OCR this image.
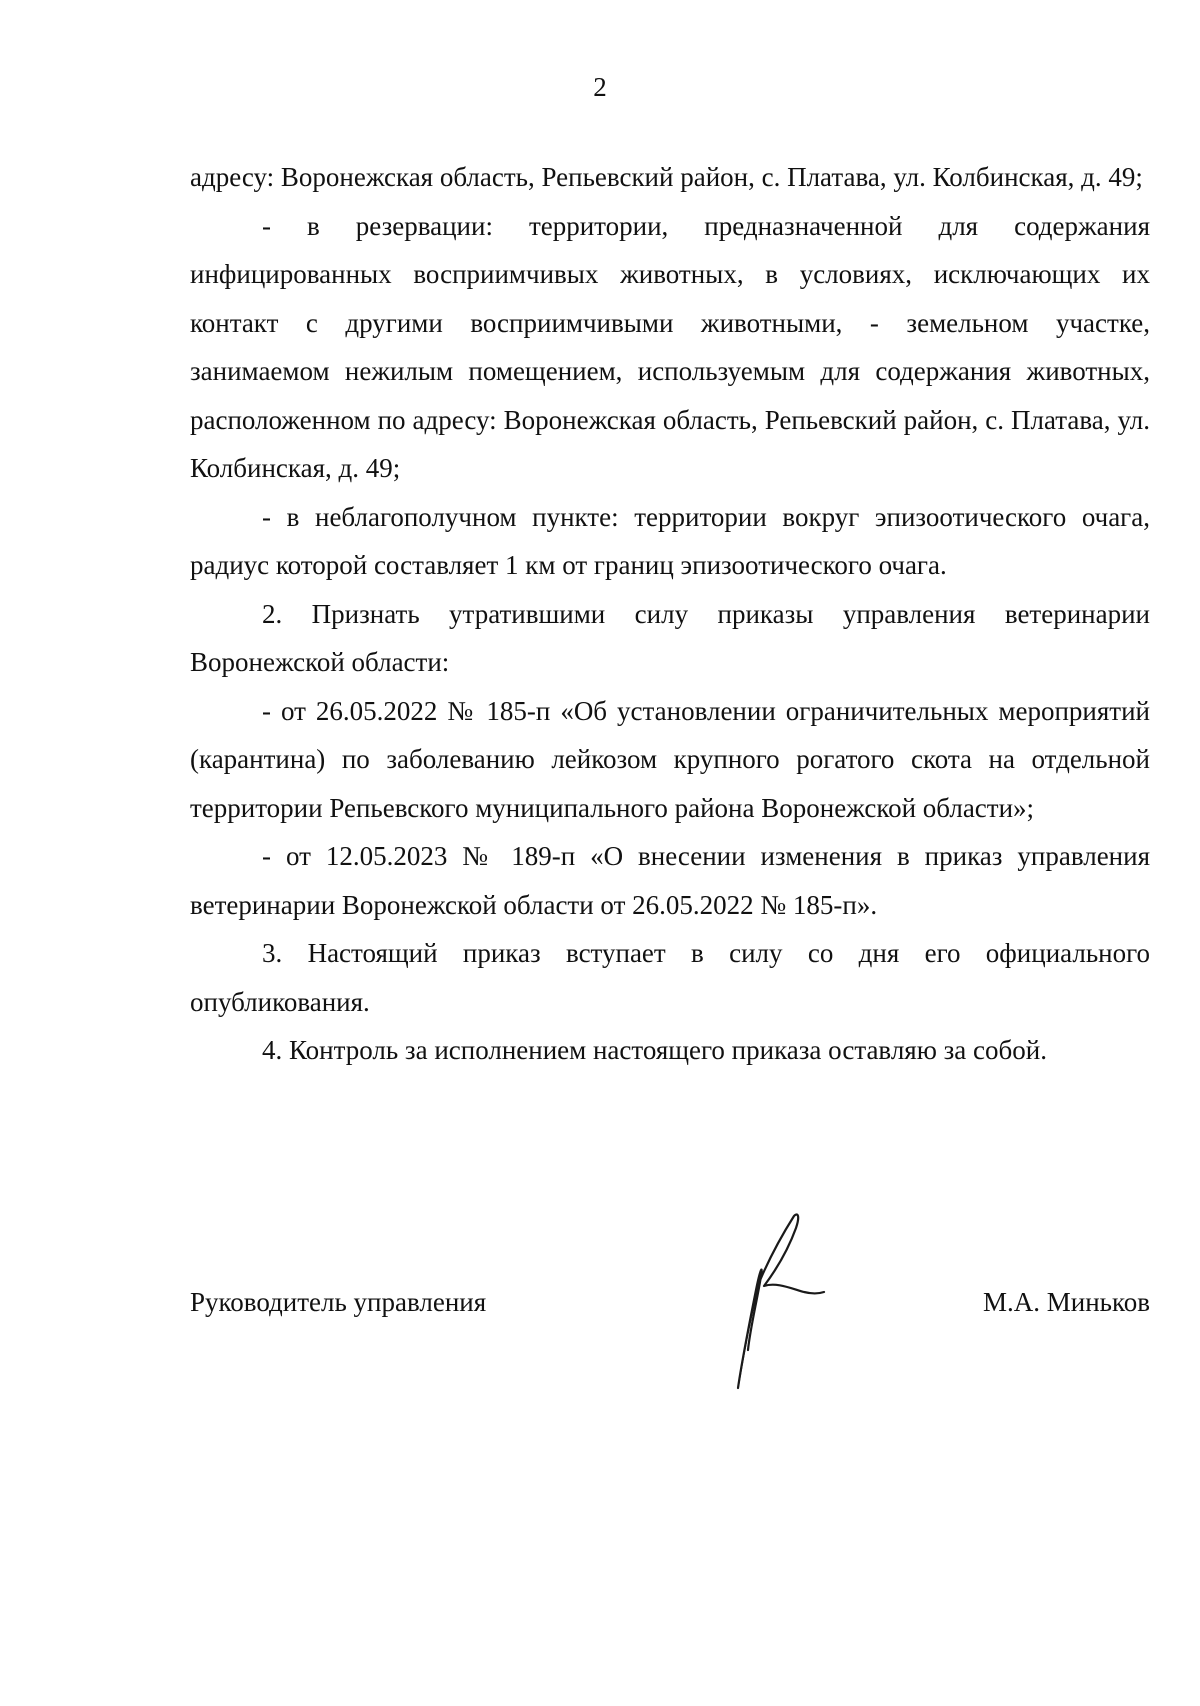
2

адресу: Воронежская область, Репьевский район, с. Платава, ул. Колбинская, д. 49;

- в резервации: территории, предназначенной для содержания инфицированных восприимчивых животных, в условиях, исключающих их контакт с другими восприимчивыми животными, - земельном участке, занимаемом нежилым помещением, используемым для содержания животных, расположенном по адресу: Воронежская область, Репьевский район, с. Платава, ул. Колбинская, д. 49;

- в неблагополучном пункте: территории вокруг эпизоотического очага, радиус которой составляет 1 км от границ эпизоотического очага.

2. Признать утратившими силу приказы управления ветеринарии Воронежской области:

- от 26.05.2022 № 185-п «Об установлении ограничительных мероприятий (карантина) по заболеванию лейкозом крупного рогатого скота на отдельной территории Репьевского муниципального района Воронежской области»;

- от 12.05.2023 № 189-п «О внесении изменения в приказ управления ветеринарии Воронежской области от 26.05.2022 № 185-п».

3. Настоящий приказ вступает в силу со дня его официального опубликования.

4. Контроль за исполнением настоящего приказа оставляю за собой.

Руководитель управления	М.А. Миньков
